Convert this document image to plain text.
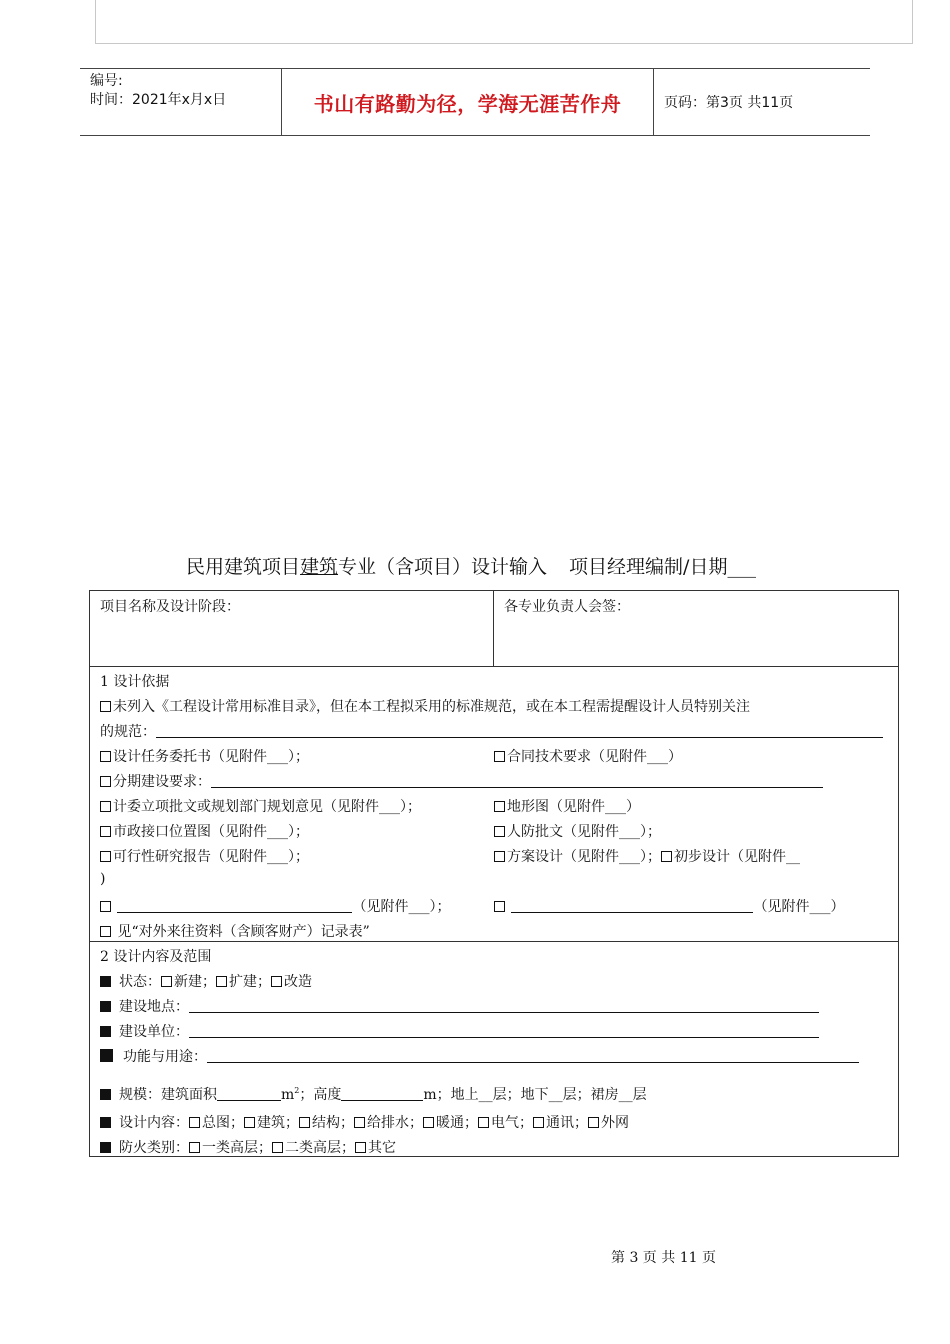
编号:
时间：2021年x月x日	书山有路勤为径，学海无涯苦作舟	页码：第3页 共11页
民用建筑项目建筑专业（含项目）设计输入 项目经理编制/日期___
项目名称及设计阶段：	各专业负责人会签：
1 设计依据
未列入《工程设计常用标准目录》，但在本工程拟采用的标准规范，或在本工程需提醒设计人员特别关注
的规范：
设计任务委托书（见附件___）；	合同技术要求（见附件___）
分期建设要求：
计委立项批文或规划部门规划意见（见附件___）；	地形图（见附件___）
市政接口位置图（见附件___）；	人防批文（见附件___）；
可行性研究报告（见附件___）；	方案设计（见附件___）； 初步设计（见附件__
)
（见附件___）；	（见附件___）
见“对外来往资料（含顾客财产）记录表”
2 设计内容及范围
状态： 新建； 扩建； 改造
建设地点：
建设单位：
功能与用途：
规模：建筑面积	$m^2$；高度	m；地上__层；地下__层；裙房__层
设计内容： 总图； 建筑； 结构； 给排水； 暖通； 电气； 通讯； 外网
防火类别： 一类高层； 二类高层； 其它
第 3 页 共 11 页
